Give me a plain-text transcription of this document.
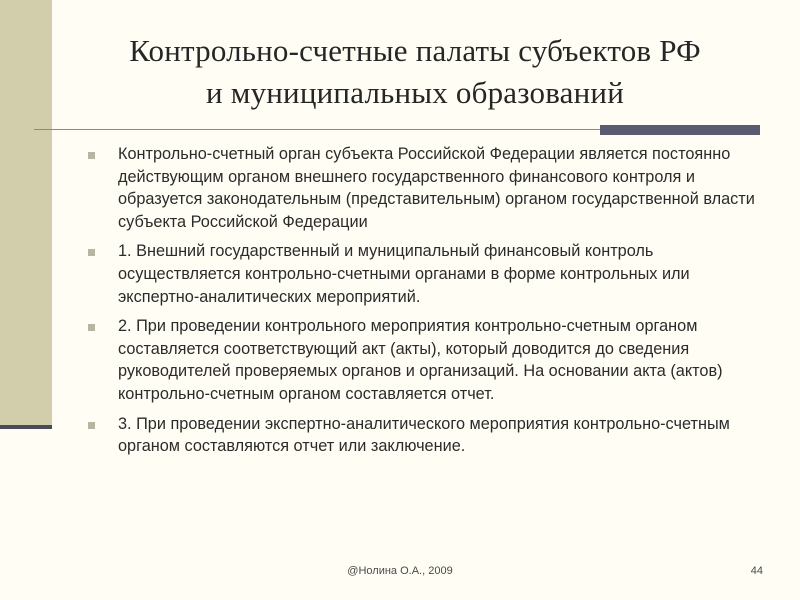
Контрольно-счетные палаты субъектов РФ
и муниципальных образований
Контрольно-счетный орган субъекта Российской Федерации является постоянно действующим органом внешнего государственного финансового контроля и образуется законодательным (представительным) органом государственной власти субъекта Российской Федерации
1. Внешний государственный и муниципальный финансовый контроль осуществляется контрольно-счетными органами в форме контрольных или экспертно-аналитических мероприятий.
2. При проведении контрольного мероприятия контрольно-счетным органом составляется соответствующий акт (акты), который доводится до сведения руководителей проверяемых органов и организаций. На основании акта (актов) контрольно-счетным органом составляется отчет.
3. При проведении экспертно-аналитического мероприятия контрольно-счетным органом составляются отчет или заключение.
@Нолина О.А., 2009	44
